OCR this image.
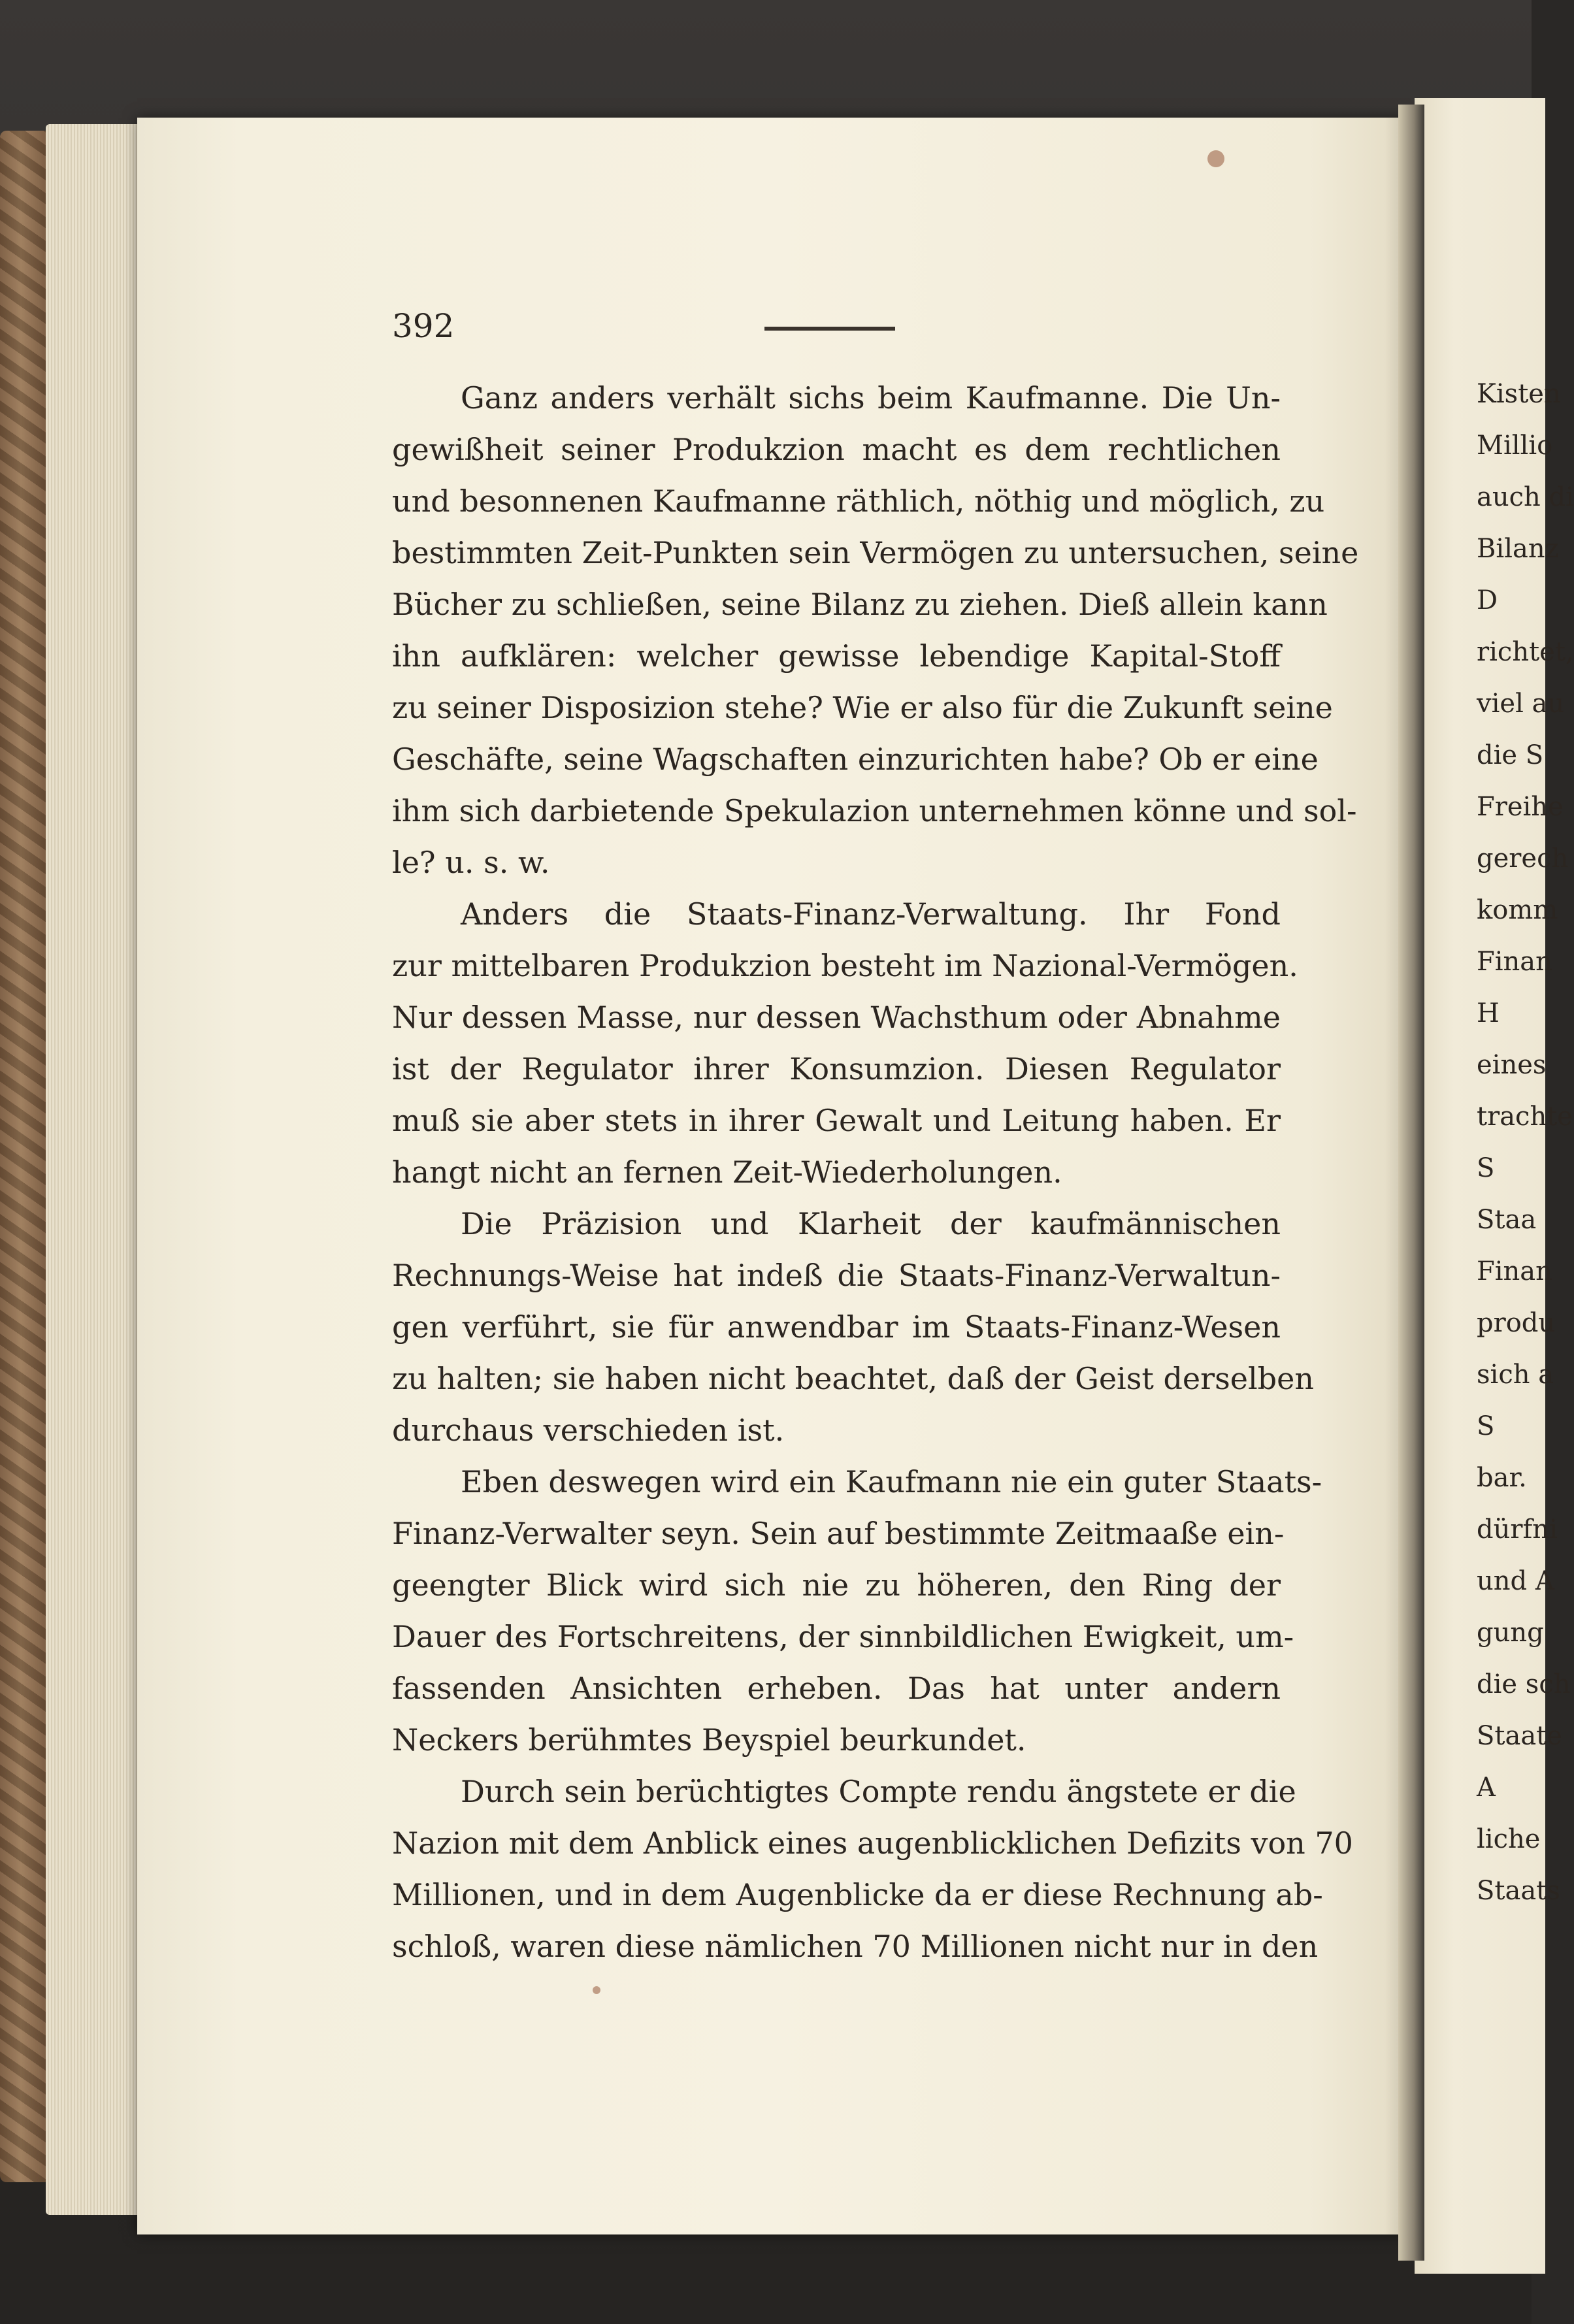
Kisten
Millio
auch di
Bilanz
D
richtet,
viel au
die S
Freihe
gerech
komm
Finan
H
eines
trachte
S
Staa
Finan
produ
sich a
S
bar.
dürfni
und A
gung
die sch
Staate
A
liche
Staats
392
Ganz anders verhält sichs beim Kaufmanne. Die Un-
gewißheit seiner Produkzion macht es dem rechtlichen
und besonnenen Kaufmanne räthlich, nöthig und möglich, zu
bestimmten Zeit-Punkten sein Vermögen zu untersuchen, seine
Bücher zu schließen, seine Bilanz zu ziehen. Dieß allein kann
ihn aufklären: welcher gewisse lebendige Kapital-Stoff
zu seiner Disposizion stehe? Wie er also für die Zukunft seine
Geschäfte, seine Wagschaften einzurichten habe? Ob er eine
ihm sich darbietende Spekulazion unternehmen könne und sol-
le? u. s. w.
Anders die Staats-Finanz-Verwaltung. Ihr Fond
zur mittelbaren Produkzion besteht im Nazional-Vermögen.
Nur dessen Masse, nur dessen Wachsthum oder Abnahme
ist der Regulator ihrer Konsumzion. Diesen Regulator
muß sie aber stets in ihrer Gewalt und Leitung haben. Er
hangt nicht an fernen Zeit-Wiederholungen.
Die Präzision und Klarheit der kaufmännischen
Rechnungs-Weise hat indeß die Staats-Finanz-Verwaltun-
gen verführt, sie für anwendbar im Staats-Finanz-Wesen
zu halten; sie haben nicht beachtet, daß der Geist derselben
durchaus verschieden ist.
Eben deswegen wird ein Kaufmann nie ein guter Staats-
Finanz-Verwalter seyn. Sein auf bestimmte Zeitmaaße ein-
geengter Blick wird sich nie zu höheren, den Ring der
Dauer des Fortschreitens, der sinnbildlichen Ewigkeit, um-
fassenden Ansichten erheben. Das hat unter andern
Neckers berühmtes Beyspiel beurkundet.
Durch sein berüchtigtes Compte rendu ängstete er die
Nazion mit dem Anblick eines augenblicklichen Defizits von 70
Millionen, und in dem Augenblicke da er diese Rechnung ab-
schloß, waren diese nämlichen 70 Millionen nicht nur in den
